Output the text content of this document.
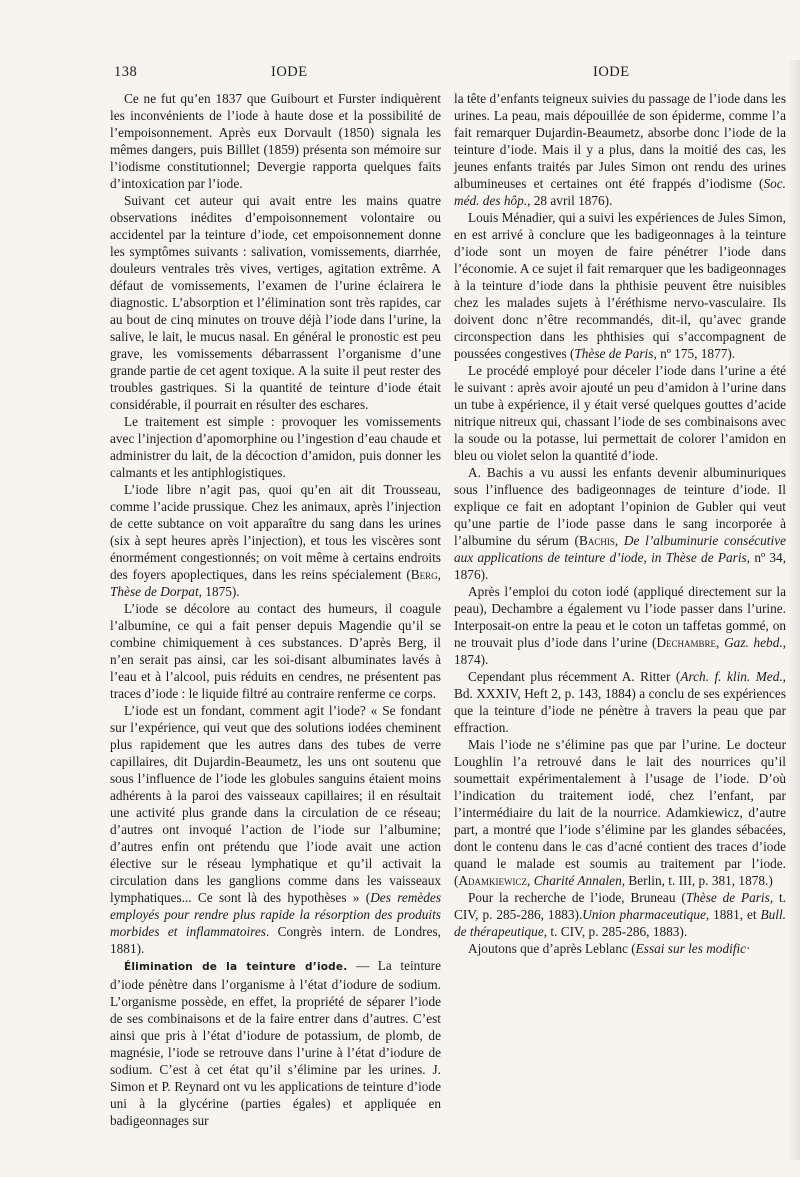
138	IODE	IODE

Ce ne fut qu’en 1837 que Guibourt et Furster indiquèrent les inconvénients de l’iode à haute dose et la possibilité de l’empoisonnement. Après eux Dorvault (1850) signala les mêmes dangers, puis Billlet (1859) présenta son mémoire sur l’iodisme constitutionnel; Devergie rapporta quelques faits d’intoxication par l’iode.

Suivant cet auteur qui avait entre les mains quatre observations inédites d’empoisonnement volontaire ou accidentel par la teinture d’iode, cet empoisonnement donne les symptômes suivants : salivation, vomissements, diarrhée, douleurs ventrales très vives, vertiges, agitation extrême. A défaut de vomissements, l’examen de l’urine éclairera le diagnostic. L’absorption et l’élimination sont très rapides, car au bout de cinq minutes on trouve déjà l’iode dans l’urine, la salive, le lait, le mucus nasal. En général le pronostic est peu grave, les vomissements débarrassent l’organisme d’une grande partie de cet agent toxique. A la suite il peut rester des troubles gastriques. Si la quantité de teinture d’iode était considérable, il pourrait en résulter des eschares.

Le traitement est simple : provoquer les vomissements avec l’injection d’apomorphine ou l’ingestion d’eau chaude et administrer du lait, de la décoction d’amidon, puis donner les calmants et les antiphlogistiques.

L’iode libre n’agit pas, quoi qu’en ait dit Trousseau, comme l’acide prussique. Chez les animaux, après l’injection de cette subtance on voit apparaître du sang dans les urines (six à sept heures après l’injection), et tous les viscères sont énormément congestionnés; on voit même à certains endroits des foyers apoplectiques, dans les reins spécialement (Berg, Thèse de Dorpat, 1875).

L’iode se décolore au contact des humeurs, il coagule l’albumine, ce qui a fait penser depuis Magendie qu’il se combine chimiquement à ces substances. D’après Berg, il n’en serait pas ainsi, car les soi-disant albuminates lavés à l’eau et à l’alcool, puis réduits en cendres, ne présentent pas traces d’iode : le liquide filtré au contraire renferme ce corps.

L’iode est un fondant, comment agit l’iode? « Se fondant sur l’expérience, qui veut que des solutions iodées cheminent plus rapidement que les autres dans des tubes de verre capillaires, dit Dujardin-Beaumetz, les uns ont soutenu que sous l’influence de l’iode les globules sanguins étaient moins adhérents à la paroi des vaisseaux capillaires; il en résultait une activité plus grande dans la circulation de ce réseau; d’autres ont invoqué l’action de l’iode sur l’albumine; d’autres enfin ont prétendu que l’iode avait une action élective sur le réseau lymphatique et qu’il activait la circulation dans les ganglions comme dans les vaisseaux lymphatiques... Ce sont là des hypothèses » (Des remèdes employés pour rendre plus rapide la résorption des produits morbides et inflammatoires. Congrès intern. de Londres, 1881).

Élimination de la teinture d’iode. — La teinture d’iode pénètre dans l’organisme à l’état d’iodure de sodium. L’organisme possède, en effet, la propriété de séparer l’iode de ses combinaisons et de la faire entrer dans d’autres. C’est ainsi que pris à l’état d’iodure de potassium, de plomb, de magnésie, l’iode se retrouve dans l’urine à l’état d’iodure de sodium. C’est à cet état qu’il s’élimine par les urines. J. Simon et P. Reynard ont vu les applications de teinture d’iode uni à la glycérine (parties égales) et appliquée en badigeonnages sur

la tête d’enfants teigneux suivies du passage de l’iode dans les urines. La peau, mais dépouillée de son épiderme, comme l’a fait remarquer Dujardin-Beaumetz, absorbe donc l’iode de la teinture d’iode. Mais il y a plus, dans la moitié des cas, les jeunes enfants traités par Jules Simon ont rendu des urines albumineuses et certaines ont été frappés d’iodisme (Soc. méd. des hôp., 28 avril 1876).

Louis Ménadier, qui a suivi les expériences de Jules Simon, en est arrivé à conclure que les badigeonnages à la teinture d’iode sont un moyen de faire pénétrer l’iode dans l’économie. A ce sujet il fait remarquer que les badigeonnages à la teinture d’iode dans la phthisie peuvent être nuisibles chez les malades sujets à l’éréthisme nervo-vasculaire. Ils doivent donc n’être recommandés, dit-il, qu’avec grande circonspection dans les phthisies qui s’accompagnent de poussées congestives (Thèse de Paris, nº 175, 1877).

Le procédé employé pour déceler l’iode dans l’urine a été le suivant : après avoir ajouté un peu d’amidon à l’urine dans un tube à expérience, il y était versé quelques gouttes d’acide nitrique nitreux qui, chassant l’iode de ses combinaisons avec la soude ou la potasse, lui permettait de colorer l’amidon en bleu ou violet selon la quantité d’iode.

A. Bachis a vu aussi les enfants devenir albuminuriques sous l’influence des badigeonnages de teinture d’iode. Il explique ce fait en adoptant l’opinion de Gubler qui veut qu’une partie de l’iode passe dans le sang incorporée à l’albumine du sérum (Bachis, De l’albuminurie consécutive aux applications de teinture d’iode, in Thèse de Paris, nº 34, 1876).

Après l’emploi du coton iodé (appliqué directement sur la peau), Dechambre a également vu l’iode passer dans l’urine. Interposait-on entre la peau et le coton un taffetas gommé, on ne trouvait plus d’iode dans l’urine (Dechambre, Gaz. hebd., 1874).

Cependant plus récemment A. Ritter (Arch. f. klin. Med., Bd. XXXIV, Heft 2, p. 143, 1884) a conclu de ses expériences que la teinture d’iode ne pénètre à travers la peau que par effraction.

Mais l’iode ne s’élimine pas que par l’urine. Le docteur Loughlin l’a retrouvé dans le lait des nourrices qu’il soumettait expérimentalement à l’usage de l’iode. D’où l’indication du traitement iodé, chez l’enfant, par l’intermédiaire du lait de la nourrice. Adamkiewicz, d’autre part, a montré que l’iode s’élimine par les glandes sébacées, dont le contenu dans le cas d’acné contient des traces d’iode quand le malade est soumis au traitement par l’iode. (Adamkiewicz, Charité Annalen, Berlin, t. III, p. 381, 1878.)

Pour la recherche de l’iode, Bruneau (Thèse de Paris, t. CIV, p. 285-286, 1883).Union pharmaceutique, 1881, et Bull. de thérapeutique, t. CIV, p. 285-286, 1883).

Ajoutons que d’après Leblanc (Essai sur les modific·
